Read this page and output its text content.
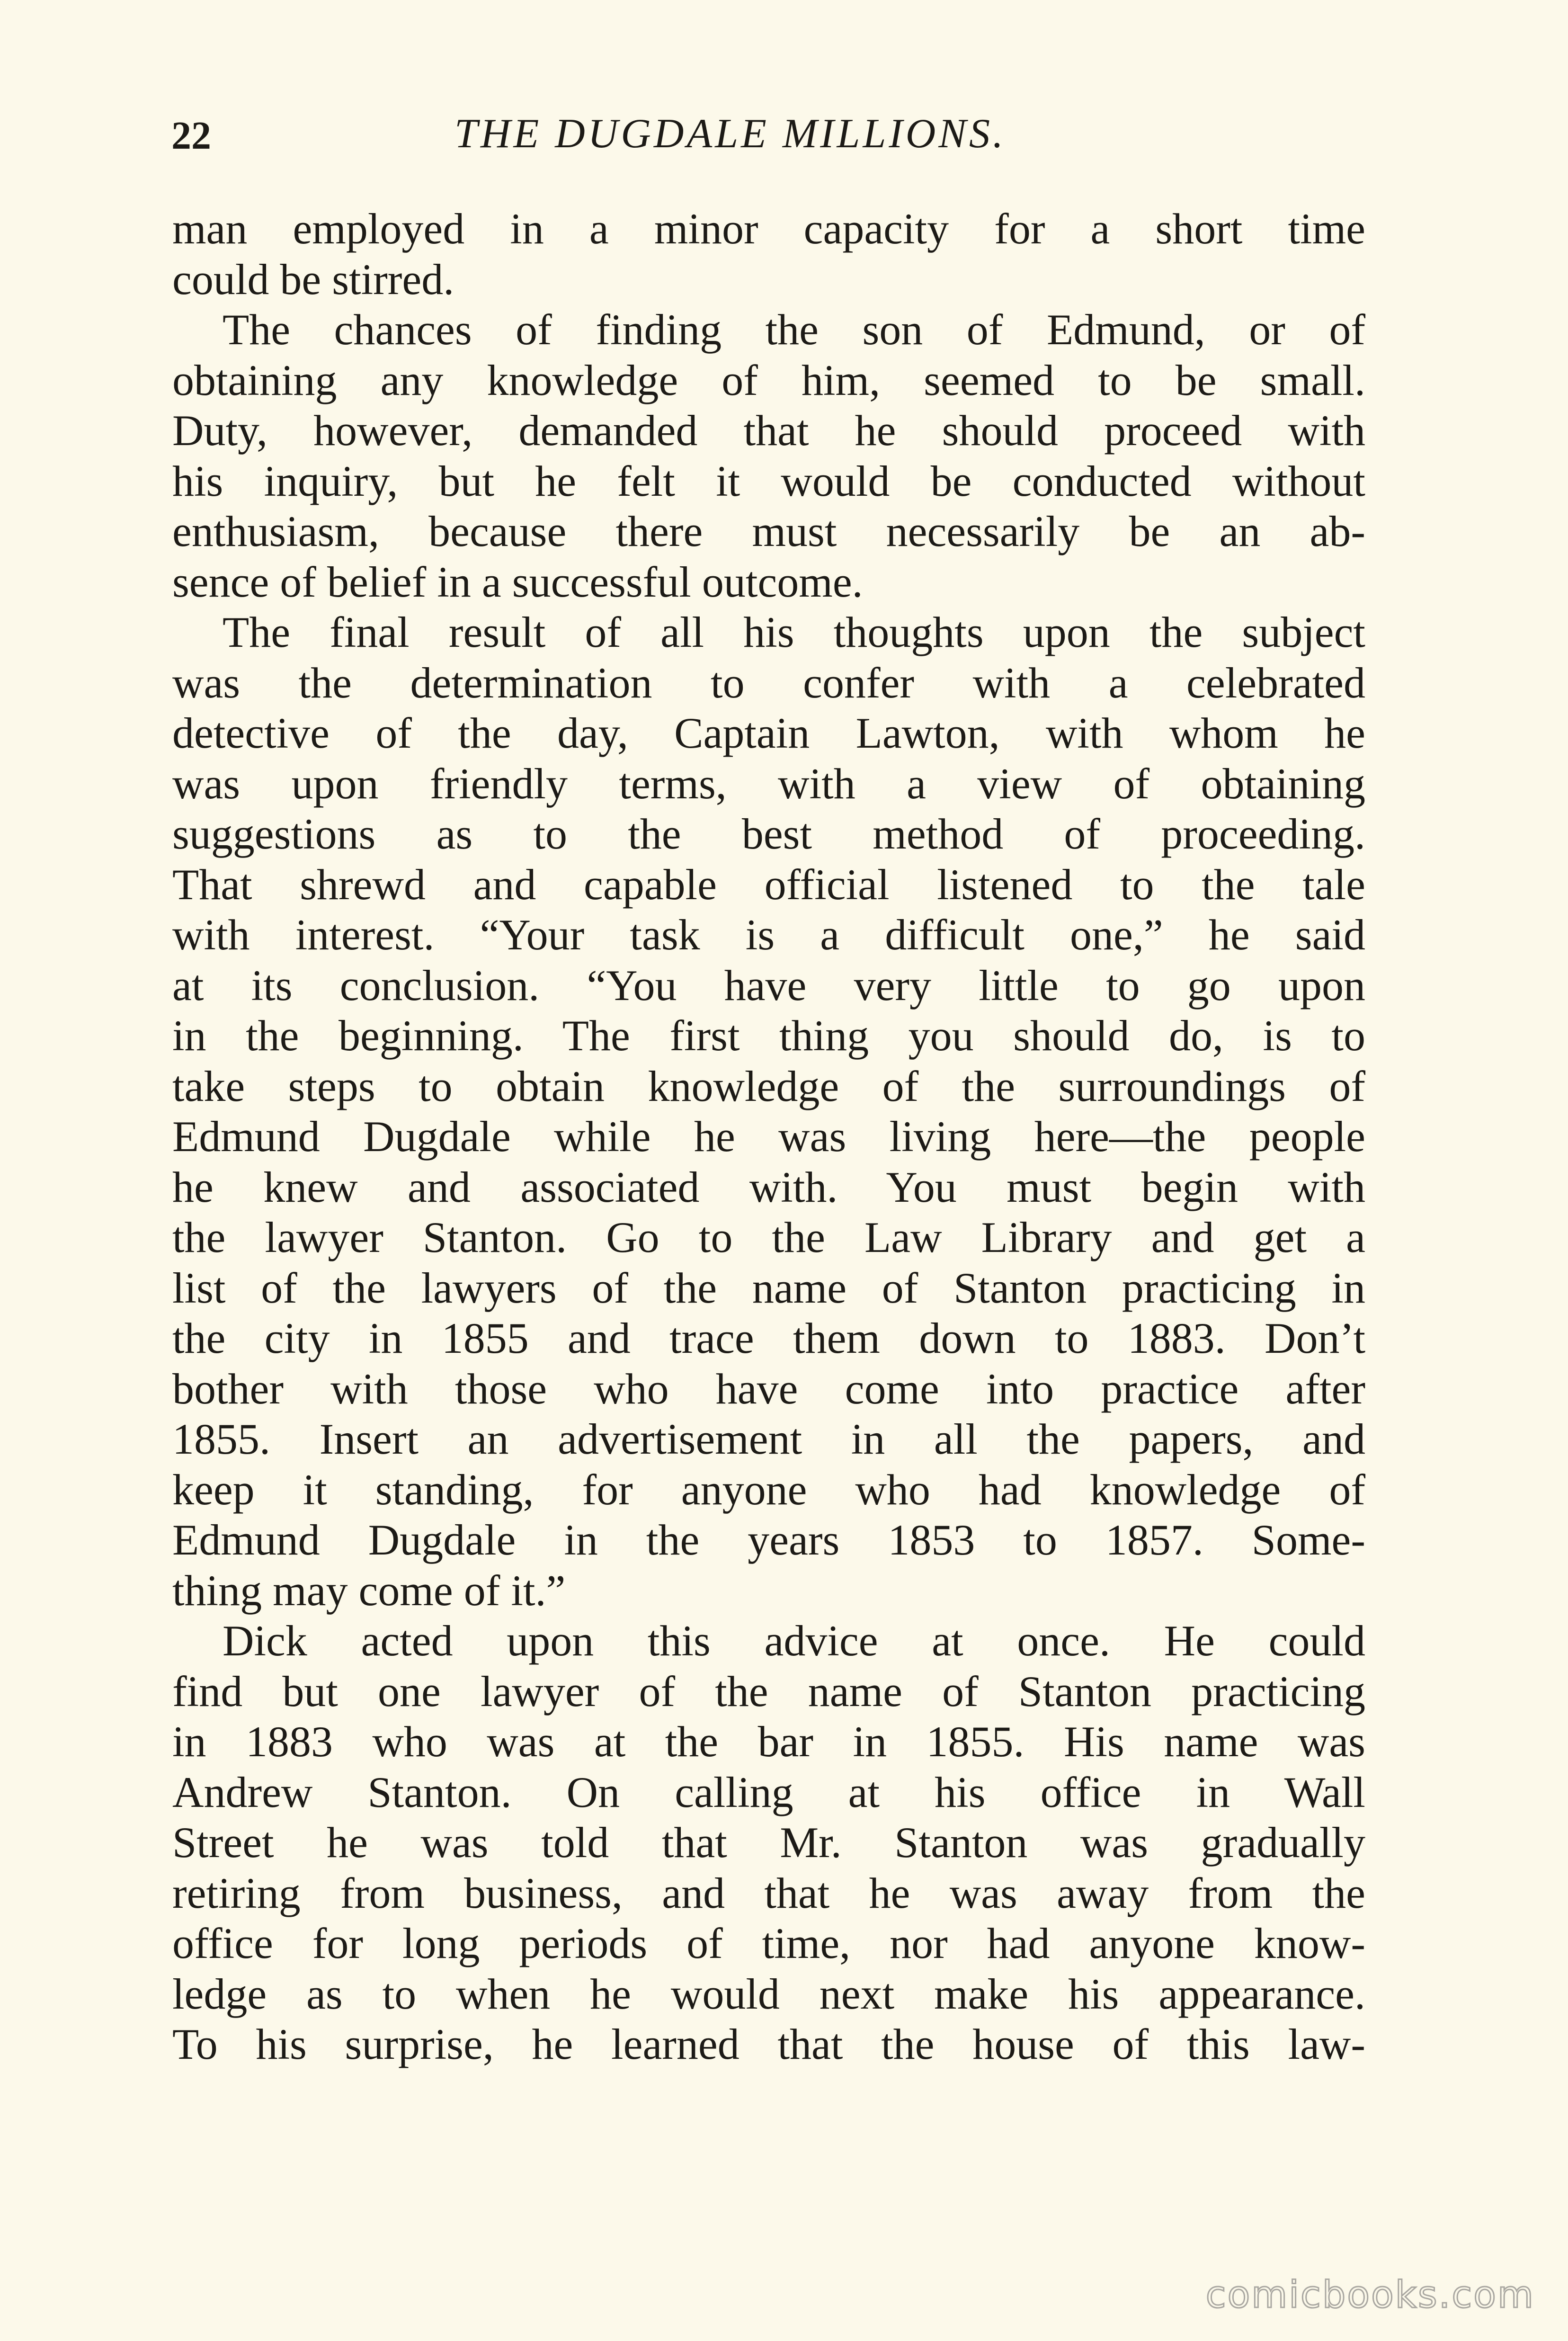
22	THE DUGDALE MILLIONS.
man employed in a minor capacity for a short time
could be stirred.
The chances of finding the son of Edmund, or of
obtaining any knowledge of him, seemed to be small.
Duty, however, demanded that he should proceed with
his inquiry, but he felt it would be conducted without
enthusiasm, because there must necessarily be an ab-
sence of belief in a successful outcome.
The final result of all his thoughts upon the subject
was the determination to confer with a celebrated
detective of the day, Captain Lawton, with whom he
was upon friendly terms, with a view of obtaining
suggestions as to the best method of proceeding.
That shrewd and capable official listened to the tale
with interest. “Your task is a difficult one,” he said
at its conclusion. “You have very little to go upon
in the beginning. The first thing you should do, is to
take steps to obtain knowledge of the surroundings of
Edmund Dugdale while he was living here—the people
he knew and associated with. You must begin with
the lawyer Stanton. Go to the Law Library and get a
list of the lawyers of the name of Stanton practicing in
the city in 1855 and trace them down to 1883. Don’t
bother with those who have come into practice after
1855. Insert an advertisement in all the papers, and
keep it standing, for anyone who had knowledge of
Edmund Dugdale in the years 1853 to 1857. Some-
thing may come of it.”
Dick acted upon this advice at once. He could
find but one lawyer of the name of Stanton practicing
in 1883 who was at the bar in 1855. His name was
Andrew Stanton. On calling at his office in Wall
Street he was told that Mr. Stanton was gradually
retiring from business, and that he was away from the
office for long periods of time, nor had anyone know-
ledge as to when he would next make his appearance.
To his surprise, he learned that the house of this law-
comicbooks.com
